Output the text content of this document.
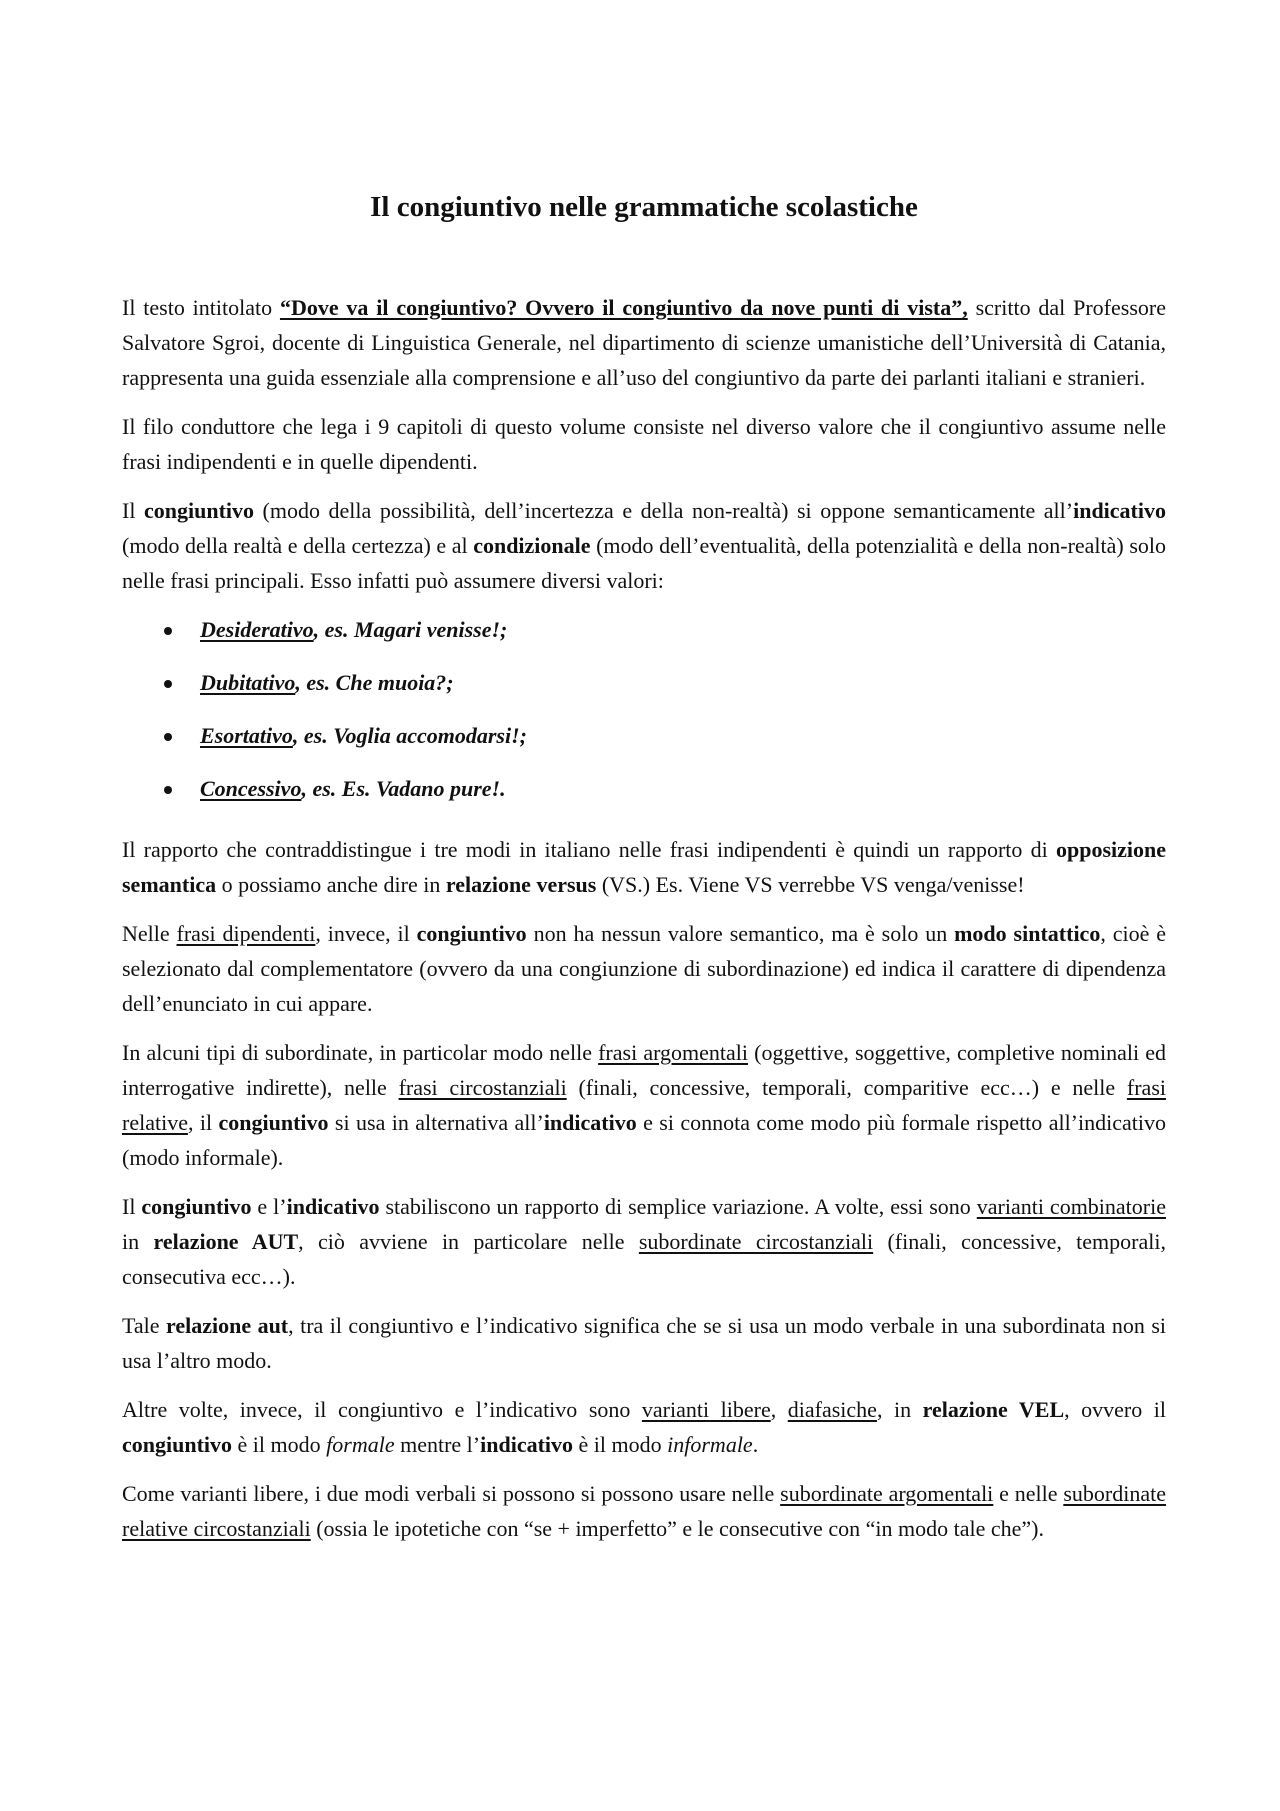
Il congiuntivo nelle grammatiche scolastiche

Il testo intitolato “Dove va il congiuntivo? Ovvero il congiuntivo da nove punti di vista”, scritto dal Professore Salvatore Sgroi, docente di Linguistica Generale, nel dipartimento di scienze umanistiche dell’Università di Catania, rappresenta una guida essenziale alla comprensione e all’uso del congiuntivo da parte dei parlanti italiani e stranieri.

Il filo conduttore che lega i 9 capitoli di questo volume consiste nel diverso valore che il congiuntivo assume nelle frasi indipendenti e in quelle dipendenti.

Il congiuntivo (modo della possibilità, dell’incertezza e della non-realtà) si oppone semanticamente all’indicativo (modo della realtà e della certezza) e al condizionale (modo dell’eventualità, della potenzialità e della non-realtà) solo nelle frasi principali. Esso infatti può assumere diversi valori:

Desiderativo, es. Magari venisse!;
Dubitativo, es. Che muoia?;
Esortativo, es. Voglia accomodarsi!;
Concessivo, es. Es. Vadano pure!.

Il rapporto che contraddistingue i tre modi in italiano nelle frasi indipendenti è quindi un rapporto di opposizione semantica o possiamo anche dire in relazione versus (VS.) Es. Viene VS verrebbe VS venga/venisse!

Nelle frasi dipendenti, invece, il congiuntivo non ha nessun valore semantico, ma è solo un modo sintattico, cioè è selezionato dal complementatore (ovvero da una congiunzione di subordinazione) ed indica il carattere di dipendenza dell’enunciato in cui appare.

In alcuni tipi di subordinate, in particolar modo nelle frasi argomentali (oggettive, soggettive, completive nominali ed interrogative indirette), nelle frasi circostanziali (finali, concessive, temporali, comparitive ecc…) e nelle frasi relative, il congiuntivo si usa in alternativa all’indicativo e si connota come modo più formale rispetto all’indicativo (modo informale).

Il congiuntivo e l’indicativo stabiliscono un rapporto di semplice variazione. A volte, essi sono varianti combinatorie in relazione AUT, ciò avviene in particolare nelle subordinate circostanziali (finali, concessive, temporali, consecutiva ecc…).

Tale relazione aut, tra il congiuntivo e l’indicativo significa che se si usa un modo verbale in una subordinata non si usa l’altro modo.

Altre volte, invece, il congiuntivo e l’indicativo sono varianti libere, diafasiche, in relazione VEL, ovvero il congiuntivo è il modo formale mentre l’indicativo è il modo informale.

Come varianti libere, i due modi verbali si possono si possono usare nelle subordinate argomentali e nelle subordinate relative circostanziali (ossia le ipotetiche con “se + imperfetto” e le consecutive con “in modo tale che”).
